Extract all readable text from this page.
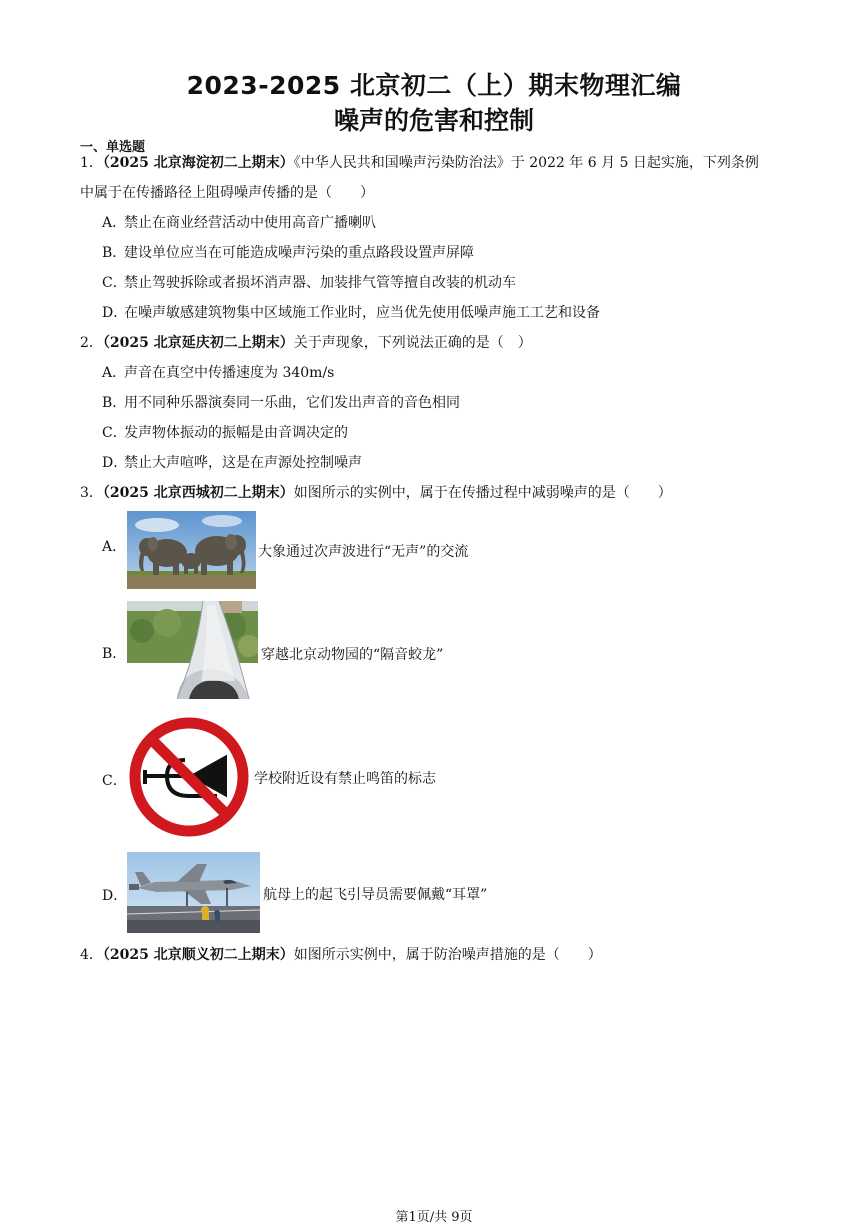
2023-2025 北京初二（上）期末物理汇编
噪声的危害和控制
一、单选题
1．（2025 北京海淀初二上期末）《中华人民共和国噪声污染防治法》于 2022 年 6 月 5 日起实施，下列条例
中属于在传播路径上阻碍噪声传播的是（　　）
A．禁止在商业经营活动中使用高音广播喇叭
B．建设单位应当在可能造成噪声污染的重点路段设置声屏障
C．禁止驾驶拆除或者损坏消声器、加装排气管等擅自改装的机动车
D．在噪声敏感建筑物集中区域施工作业时，应当优先使用低噪声施工工艺和设备
2．（2025 北京延庆初二上期末）关于声现象，下列说法正确的是（　）
A．声音在真空中传播速度为 340m/s
B．用不同种乐器演奏同一乐曲，它们发出声音的音色相同
C．发声物体振动的振幅是由音调决定的
D．禁止大声喧哗，这是在声源处控制噪声
3．（2025 北京西城初二上期末）如图所示的实例中，属于在传播过程中减弱噪声的是（　　）
A．	大象通过次声波进行“无声”的交流
B．	穿越北京动物园的“隔音蛟龙”
C．	学校附近设有禁止鸣笛的标志
D．	航母上的起飞引导员需要佩戴“耳罩”
4．（2025 北京顺义初二上期末）如图所示实例中，属于防治噪声措施的是（　　）
第1页/共 9页
